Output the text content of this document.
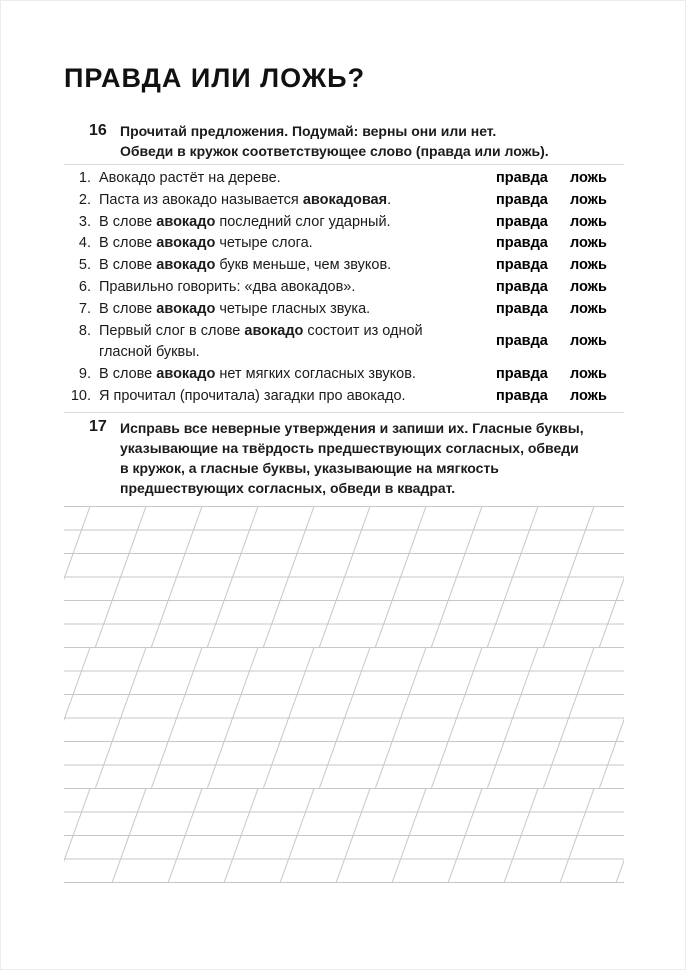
ПРАВДА ИЛИ ЛОЖЬ?
16 Прочитай предложения. Подумай: верны они или нет.
Обведи в кружок соответствующее слово (правда или ложь).

1. Авокадо растёт на дереве.	правда	ложь
2. Паста из авокадо называется авокадовая.	правда	ложь
3. В слове авокадо последний слог ударный.	правда	ложь
4. В слове авокадо четыре слога.	правда	ложь
5. В слове авокадо букв меньше, чем звуков.	правда	ложь
6. Правильно говорить: «два авокадов».	правда	ложь
7. В слове авокадо четыре гласных звука.	правда	ложь
8. Первый слог в слове авокадо состоит из одной
гласной буквы.
правда	ложь
9. В слове авокадо нет мягких согласных звуков.	правда	ложь
10. Я прочитал (прочитала) загадки про авокадо.	правда	ложь
17 Исправь все неверные утверждения и запиши их. Гласные буквы,
указывающие на твёрдость предшествующих согласных, обведи
в кружок, а гласные буквы, указывающие на мягкость
предшествующих согласных, обведи в квадрат.
